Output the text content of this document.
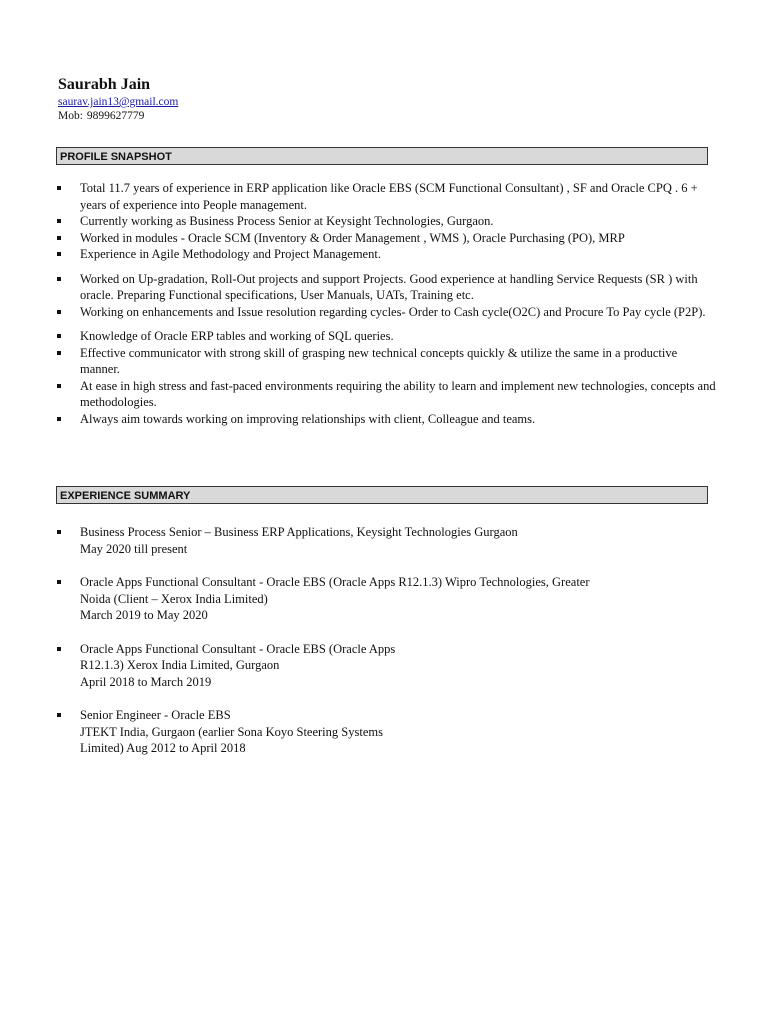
Saurabh Jain
saurav.jain13@gmail.com
Mob: 9899627779
PROFILE SNAPSHOT
Total 11.7 years of experience in ERP application like Oracle EBS (SCM Functional Consultant) , SF and Oracle CPQ . 6 + years of experience into People management.
Currently working as Business Process Senior at Keysight Technologies, Gurgaon.
Worked in modules - Oracle SCM (Inventory & Order Management , WMS ), Oracle Purchasing (PO), MRP
Experience in Agile Methodology and Project Management.
Worked on Up-gradation, Roll-Out projects and support Projects. Good experience at handling Service Requests (SR ) with oracle. Preparing Functional specifications, User Manuals, UATs, Training etc.
Working on enhancements and Issue resolution regarding cycles- Order to Cash cycle(O2C) and Procure To Pay cycle (P2P).
Knowledge of Oracle ERP tables and working of SQL queries.
Effective communicator with strong skill of grasping new technical concepts quickly & utilize the same in a productive manner.
At ease in high stress and fast-paced environments requiring the ability to learn and implement new technologies, concepts and methodologies.
Always aim towards working on improving relationships with client, Colleague and teams.
EXPERIENCE SUMMARY
Business Process Senior – Business ERP Applications, Keysight Technologies Gurgaon
May 2020 till present
Oracle Apps Functional Consultant - Oracle EBS (Oracle Apps R12.1.3) Wipro Technologies, Greater
Noida (Client – Xerox India Limited)
March 2019 to May 2020
Oracle Apps Functional Consultant - Oracle EBS (Oracle Apps
R12.1.3) Xerox India Limited, Gurgaon
April 2018 to March 2019
Senior Engineer - Oracle EBS
JTEKT India, Gurgaon (earlier Sona Koyo Steering Systems
Limited) Aug 2012 to April 2018
